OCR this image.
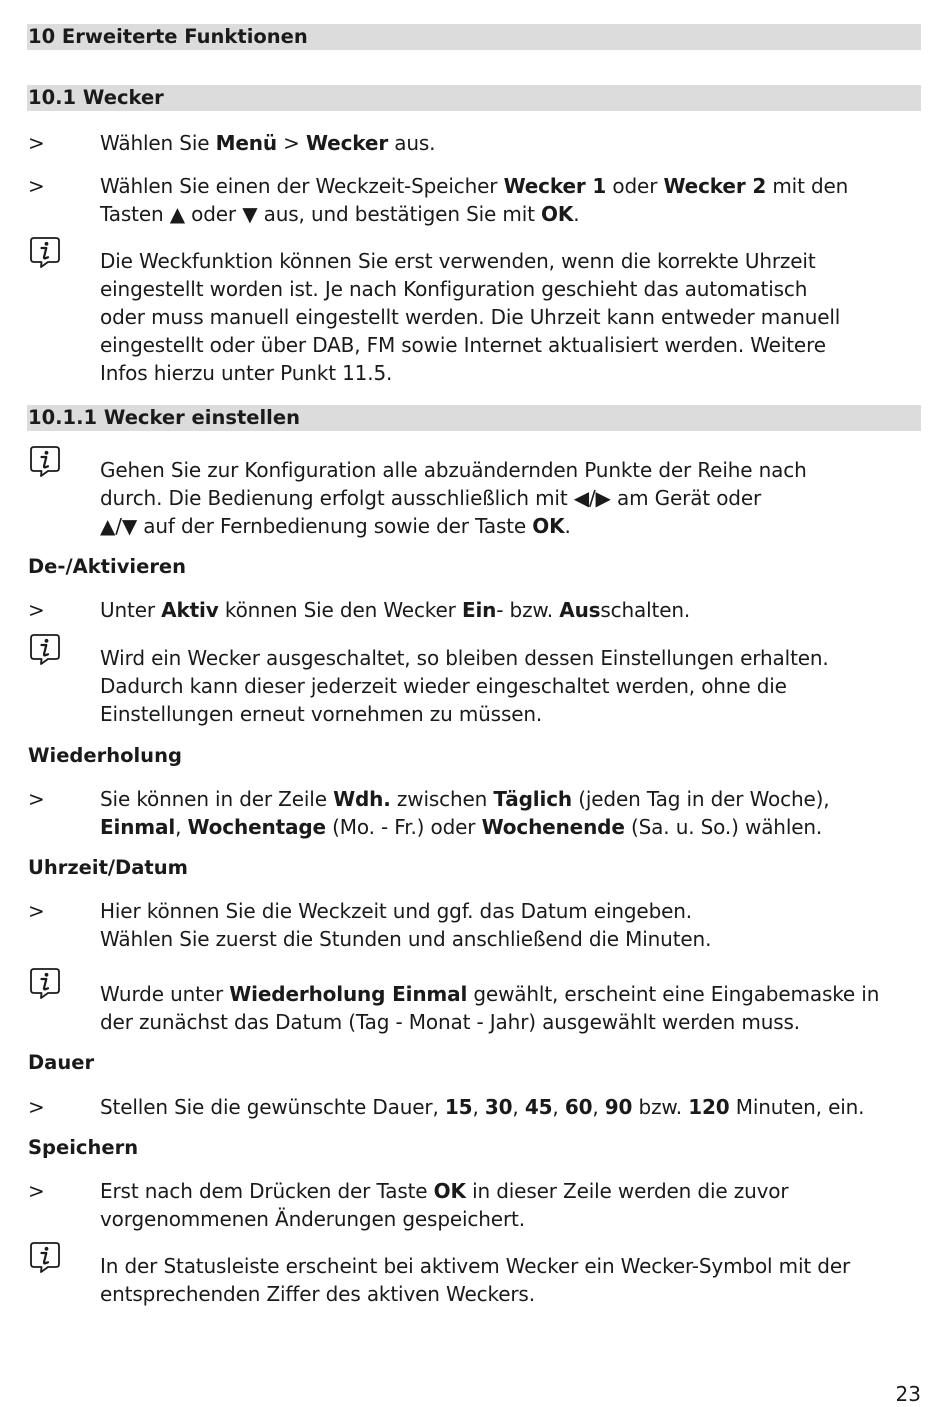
10 Erweiterte Funktionen
10.1 Wecker
>	Wählen Sie Menü > Wecker aus.
>	Wählen Sie einen der Weckzeit-Speicher Wecker 1 oder Wecker 2 mit den
Tasten ▲ oder ▼ aus, und bestätigen Sie mit OK.
Die Weckfunktion können Sie erst verwenden, wenn die korrekte Uhrzeit
eingestellt worden ist. Je nach Konfiguration geschieht das automatisch
oder muss manuell eingestellt werden. Die Uhrzeit kann entweder manuell
eingestellt oder über DAB, FM sowie Internet aktualisiert werden. Weitere
Infos hierzu unter Punkt 11.5.
10.1.1 Wecker einstellen
Gehen Sie zur Konfiguration alle abzuändernden Punkte der Reihe nach
durch. Die Bedienung erfolgt ausschließlich mit ◀/▶ am Gerät oder
▲/▼ auf der Fernbedienung sowie der Taste OK.
De-/Aktivieren
>	Unter Aktiv können Sie den Wecker Ein- bzw. Ausschalten.
Wird ein Wecker ausgeschaltet, so bleiben dessen Einstellungen erhalten.
Dadurch kann dieser jederzeit wieder eingeschaltet werden, ohne die
Einstellungen erneut vornehmen zu müssen.
Wiederholung
>	Sie können in der Zeile Wdh. zwischen Täglich (jeden Tag in der Woche),
Einmal, Wochentage (Mo. - Fr.) oder Wochenende (Sa. u. So.) wählen.
Uhrzeit/Datum
>	Hier können Sie die Weckzeit und ggf. das Datum eingeben.
Wählen Sie zuerst die Stunden und anschließend die Minuten.
Wurde unter Wiederholung Einmal gewählt, erscheint eine Eingabemaske in
der zunächst das Datum (Tag - Monat - Jahr) ausgewählt werden muss.
Dauer
>	Stellen Sie die gewünschte Dauer, 15, 30, 45, 60, 90 bzw. 120 Minuten, ein.
Speichern
>	Erst nach dem Drücken der Taste OK in dieser Zeile werden die zuvor
vorgenommenen Änderungen gespeichert.
In der Statusleiste erscheint bei aktivem Wecker ein Wecker-Symbol mit der
entsprechenden Ziffer des aktiven Weckers.
23
